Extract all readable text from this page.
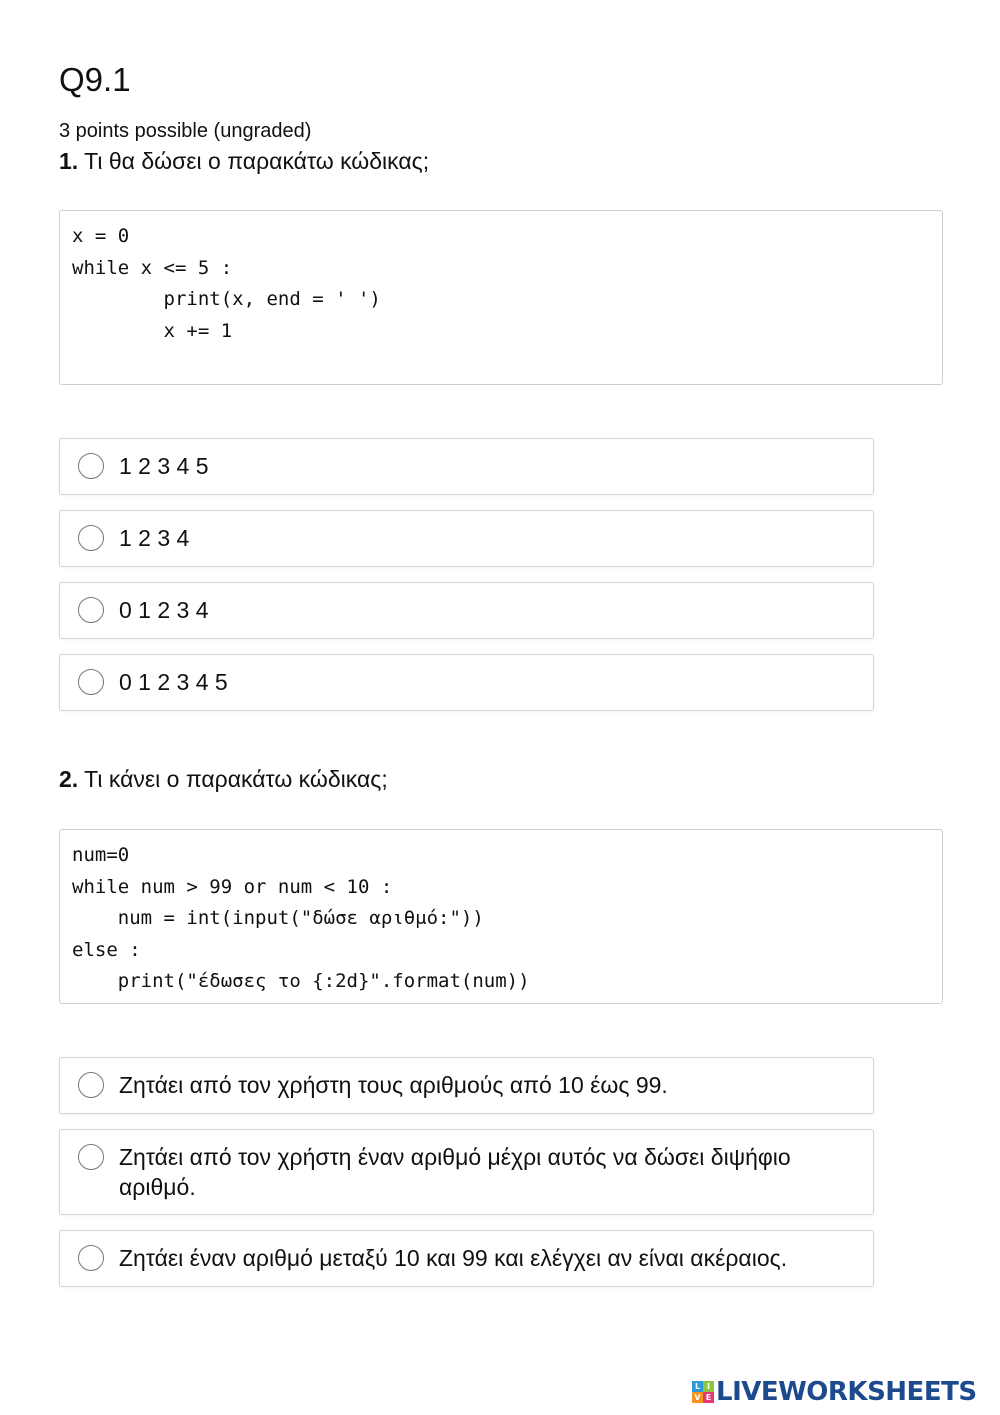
Q9.1
3 points possible (ungraded)
1. Τι θα δώσει ο παρακάτω κώδικας;
x = 0
while x <= 5 :
print(x, end = ' ')
x += 1
1 2 3 4 5
1 2 3 4
0 1 2 3 4
0 1 2 3 4 5
2. Τι κάνει ο παρακάτω κώδικας;
num=0
while num > 99 or num < 10 :
num = int(input("δώσε αριθμό:"))
else :
print("έδωσες το {:2d}".format(num))
Ζητάει από τον χρήστη τους αριθμούς από 10 έως 99.
Ζητάει από τον χρήστη έναν αριθμό μέχρι αυτός να δώσει διψήφιο αριθμό.
Ζητάει έναν αριθμό μεταξύ 10 και 99 και ελέγχει αν είναι ακέραιος.
L I
V E LIVEWORKSHEETS
